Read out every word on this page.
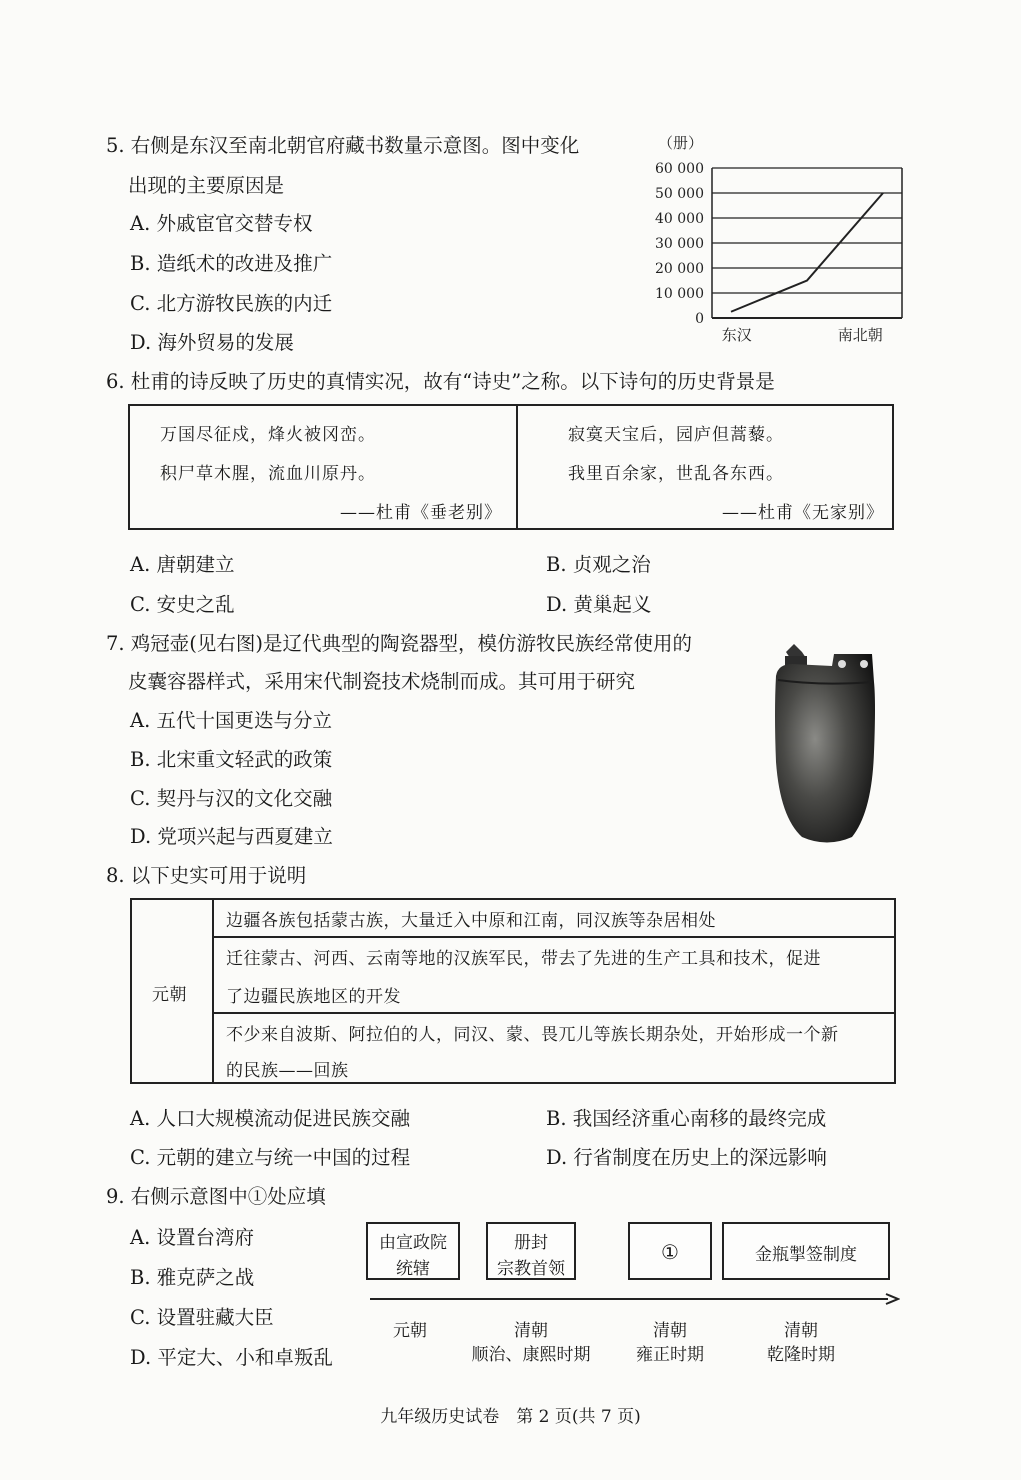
5. 右侧是东汉至南北朝官府藏书数量示意图。图中变化
出现的主要原因是
A. 外戚宦官交替专权
B. 造纸术的改进及推广
C. 北方游牧民族的内迁
D. 海外贸易的发展
（册）
60 000
50 000
40 000
30 000
20 000
10 000
0
东汉	南北朝
6. 杜甫的诗反映了历史的真情实况，故有“诗史”之称。以下诗句的历史背景是
万国尽征戍，烽火被冈峦。
积尸草木腥，流血川原丹。
——杜甫《垂老别》
寂寞天宝后，园庐但蒿藜。
我里百余家，世乱各东西。
——杜甫《无家别》
A. 唐朝建立	B. 贞观之治
C. 安史之乱	D. 黄巢起义
7. 鸡冠壶(见右图)是辽代典型的陶瓷器型，模仿游牧民族经常使用的
皮囊容器样式，采用宋代制瓷技术烧制而成。其可用于研究
A. 五代十国更迭与分立
B. 北宋重文轻武的政策
C. 契丹与汉的文化交融
D. 党项兴起与西夏建立
8. 以下史实可用于说明
元朝
边疆各族包括蒙古族，大量迁入中原和江南，同汉族等杂居相处
迁往蒙古、河西、云南等地的汉族军民，带去了先进的生产工具和技术，促进
了边疆民族地区的开发
不少来自波斯、阿拉伯的人，同汉、蒙、畏兀儿等族长期杂处，开始形成一个新
的民族——回族
A. 人口大规模流动促进民族交融	B. 我国经济重心南移的最终完成
C. 元朝的建立与统一中国的过程	D. 行省制度在历史上的深远影响
9. 右侧示意图中①处应填
A. 设置台湾府
B. 雅克萨之战
C. 设置驻藏大臣
D. 平定大、小和卓叛乱
由宣政院
统辖
册封
宗教首领
①	金瓶掣签制度
元朝	清朝
顺治、康熙时期
清朝
雍正时期
清朝
乾隆时期
九年级历史试卷　第 2 页(共 7 页)
